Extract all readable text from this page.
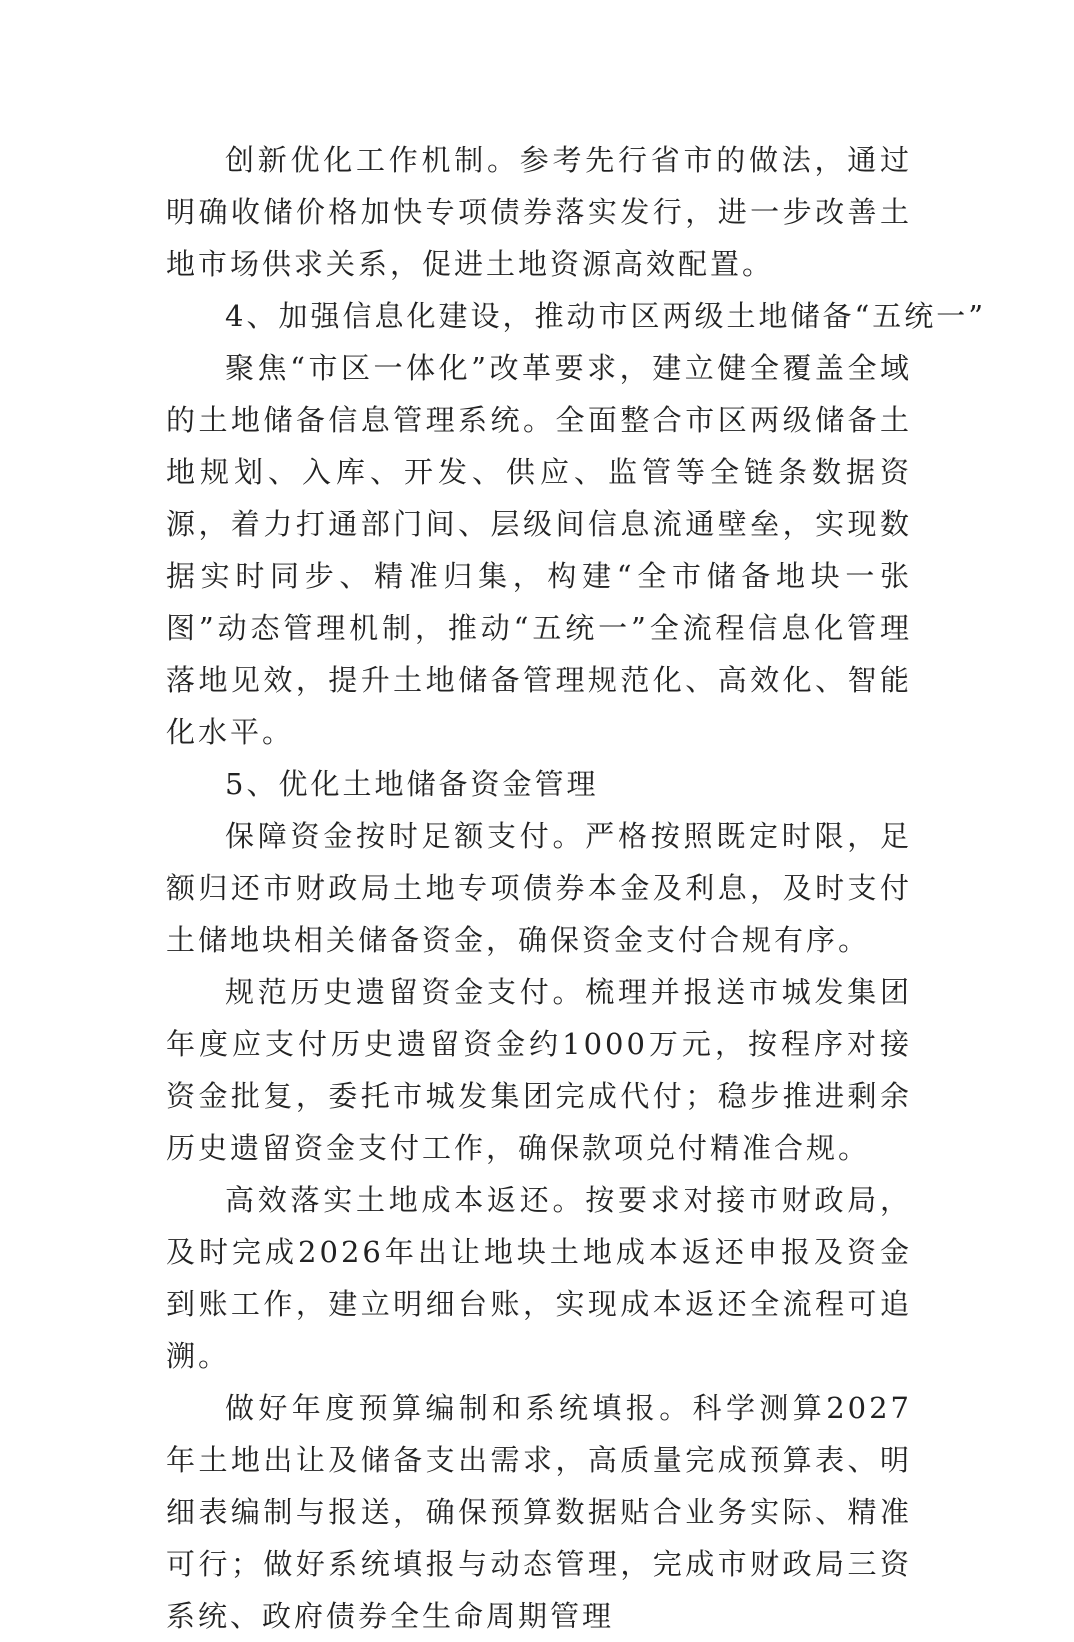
创新优化工作机制。参考先行省市的做法，通过明确收储价格加快专项债券落实发行，进一步改善土地市场供求关系，促进土地资源高效配置。

4、加强信息化建设，推动市区两级土地储备“五统一”

聚焦“市区一体化”改革要求，建立健全覆盖全域的土地储备信息管理系统。全面整合市区两级储备土地规划、入库、开发、供应、监管等全链条数据资源，着力打通部门间、层级间信息流通壁垒，实现数据实时同步、精准归集，构建“全市储备地块一张图”动态管理机制，推动“五统一”全流程信息化管理落地见效，提升土地储备管理规范化、高效化、智能化水平。

5、优化土地储备资金管理

保障资金按时足额支付。严格按照既定时限，足额归还市财政局土地专项债券本金及利息，及时支付土储地块相关储备资金，确保资金支付合规有序。

规范历史遗留资金支付。梳理并报送市城发集团年度应支付历史遗留资金约1000万元，按程序对接资金批复，委托市城发集团完成代付；稳步推进剩余历史遗留资金支付工作，确保款项兑付精准合规。

高效落实土地成本返还。按要求对接市财政局，及时完成2026年出让地块土地成本返还申报及资金到账工作，建立明细台账，实现成本返还全流程可追溯。

做好年度预算编制和系统填报。科学测算2027年土地出让及储备支出需求，高质量完成预算表、明细表编制与报送，确保预算数据贴合业务实际、精准可行；做好系统填报与动态管理，完成市财政局三资系统、政府债券全生命周期管理
